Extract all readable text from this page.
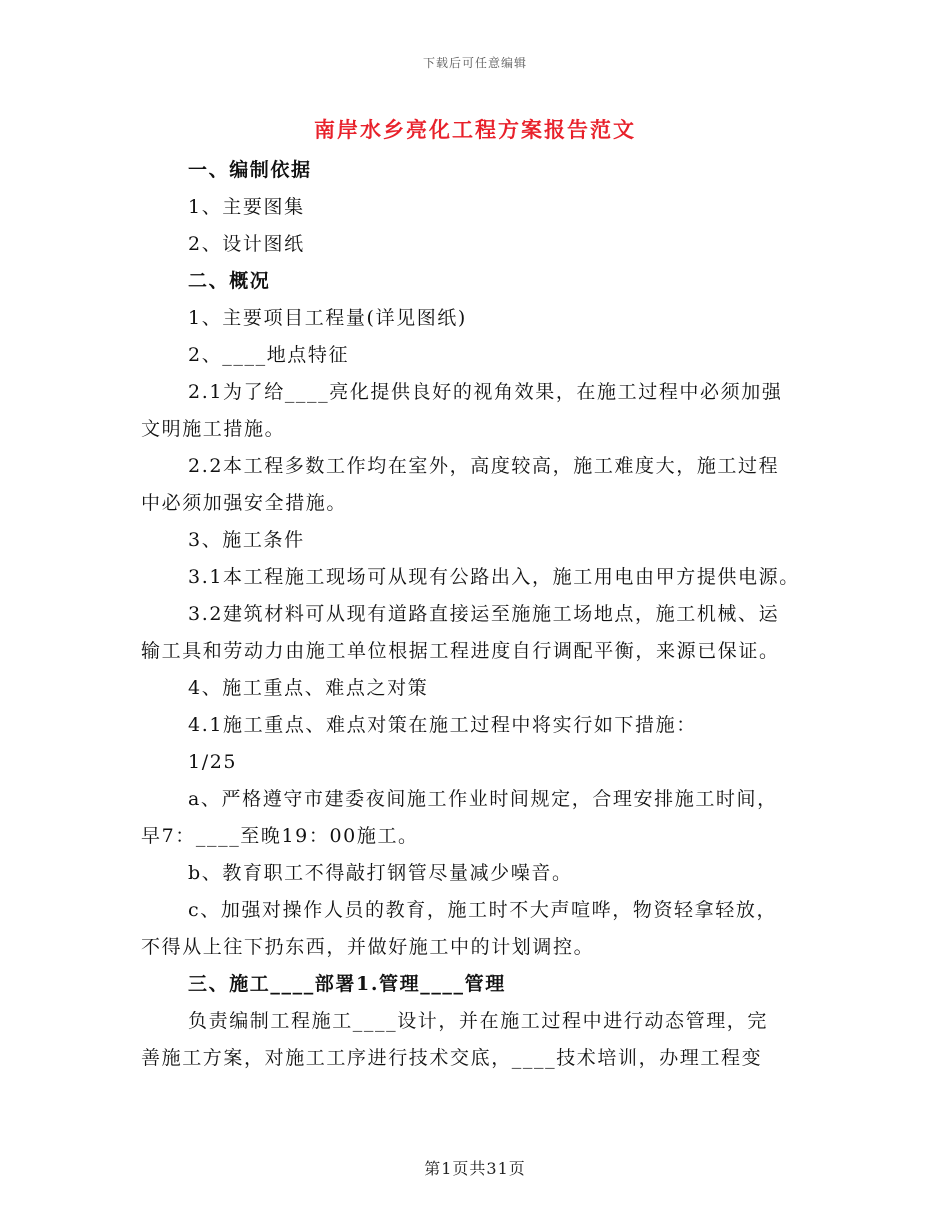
下载后可任意编辑
南岸水乡亮化工程方案报告范文
一、编制依据
1、主要图集
2、设计图纸
二、概况
1、主要项目工程量(详见图纸)
2、____地点特征
2.1为了给____亮化提供良好的视角效果，在施工过程中必须加强
文明施工措施。
2.2本工程多数工作均在室外，高度较高，施工难度大，施工过程
中必须加强安全措施。
3、施工条件
3.1本工程施工现场可从现有公路出入，施工用电由甲方提供电源。
3.2建筑材料可从现有道路直接运至施施工场地点，施工机械、运
输工具和劳动力由施工单位根据工程进度自行调配平衡，来源已保证。
4、施工重点、难点之对策
4.1施工重点、难点对策在施工过程中将实行如下措施：
1/25
a、严格遵守市建委夜间施工作业时间规定，合理安排施工时间，
早7：____至晚19：00施工。
b、教育职工不得敲打钢管尽量减少噪音。
c、加强对操作人员的教育，施工时不大声喧哗，物资轻拿轻放，
不得从上往下扔东西，并做好施工中的计划调控。
三、施工____部署1.管理____管理
负责编制工程施工____设计，并在施工过程中进行动态管理，完
善施工方案，对施工工序进行技术交底，____技术培训，办理工程变
第1页共31页
